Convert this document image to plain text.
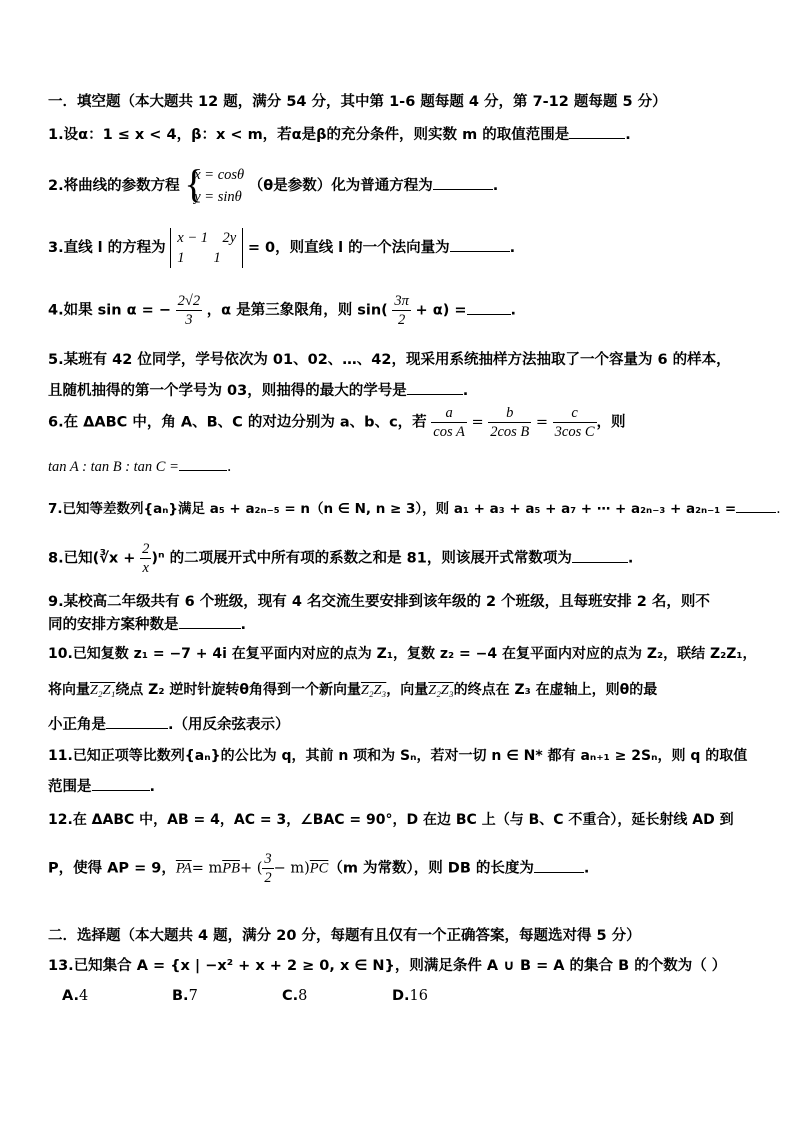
一．填空题（本大题共 12 题，满分 54 分，其中第 1-6 题每题 4 分，第 7-12 题每题 5 分）
1.设α：1 ≤ x < 4，β：x < m，若α是β的充分条件，则实数 m 的取值范围是	.
2.将曲线的参数方程 {
x = cosθ
y = sinθ
（θ是参数）化为普通方程为	.
3.直线 l 的方程为
x − 1    2y
1        1
= 0，则直线 l 的一个法向量为	.
4.如果 sin α = − $\frac{2√2}{3}$ ，α 是第三象限角，则 $\sin( \frac{3\pi}{2} + \alpha)$ =	.
5.某班有 42 位同学，学号依次为 01、02、…、42，现采用系统抽样方法抽取了一个容量为 6 的样本，
且随机抽得的第一个学号为 03，则抽得的最大的学号是	.
6.在 ΔABC 中，角 A、B、C 的对边分别为 a、b、c，若 $\frac{a}{\text{cos A}} = \frac{b}{\text{2cos B}} = \frac{c}{\text{3cos C}}$ ，则
tan A : tan B : tan C =	.
7.已知等差数列{aₙ}满足 a₅ + a₂ₙ₋₅ = n（n ∈ N, n ≥ 3），则 a₁ + a₃ + a₅ + a₇ + ⋯ + a₂ₙ₋₃ + a₂ₙ₋₁ =	.
8.已知(∛x + $\frac{2}{x} )^n$ 的二项展开式中所有项的系数之和是 81，则该展开式常数项为	.
9.某校高二年级共有 6 个班级，现有 4 名交流生要安排到该年级的 2 个班级，且每班安排 2 名，则不
同的安排方案种数是	.
10.已知复数 z₁ = −7 + 4i 在复平面内对应的点为 Z₁，复数 z₂ = −4 在复平面内对应的点为 Z₂，联结 Z₂Z₁，
将向量Z₂Z₁绕点 Z₂ 逆时针旋转θ角得到一个新向量Z₂Z₃，向量Z₂Z₃的终点在 Z₃ 在虚轴上，则θ的最
小正角是	.（用反余弦表示）
11.已知正项等比数列{aₙ}的公比为 q，其前 n 项和为 Sₙ，若对一切 n ∈ N* 都有 aₙ₊₁ ≥ 2Sₙ，则 q 的取值
范围是	.
12.在 ΔABC 中，AB = 4，AC = 3，∠BAC = 90°，D 在边 BC 上（与 B、C 不重合），延长射线 AD 到
P，使得 AP = 9，$\overline{PA}= m\overline{PB}+$ ( $\frac{3}{2} - m)\overline{PC}(m$ 为常数），则 DB 的长度为	.
二．选择题（本大题共 4 题，满分 20 分，每题有且仅有一个正确答案，每题选对得 5 分）
13.已知集合 A = {x | −x² + x + 2 ≥ 0, x ∈ N}，则满足条件 A ∪ B = A 的集合 B 的个数为（ ）
A.4	B.7	C.8	D.16
